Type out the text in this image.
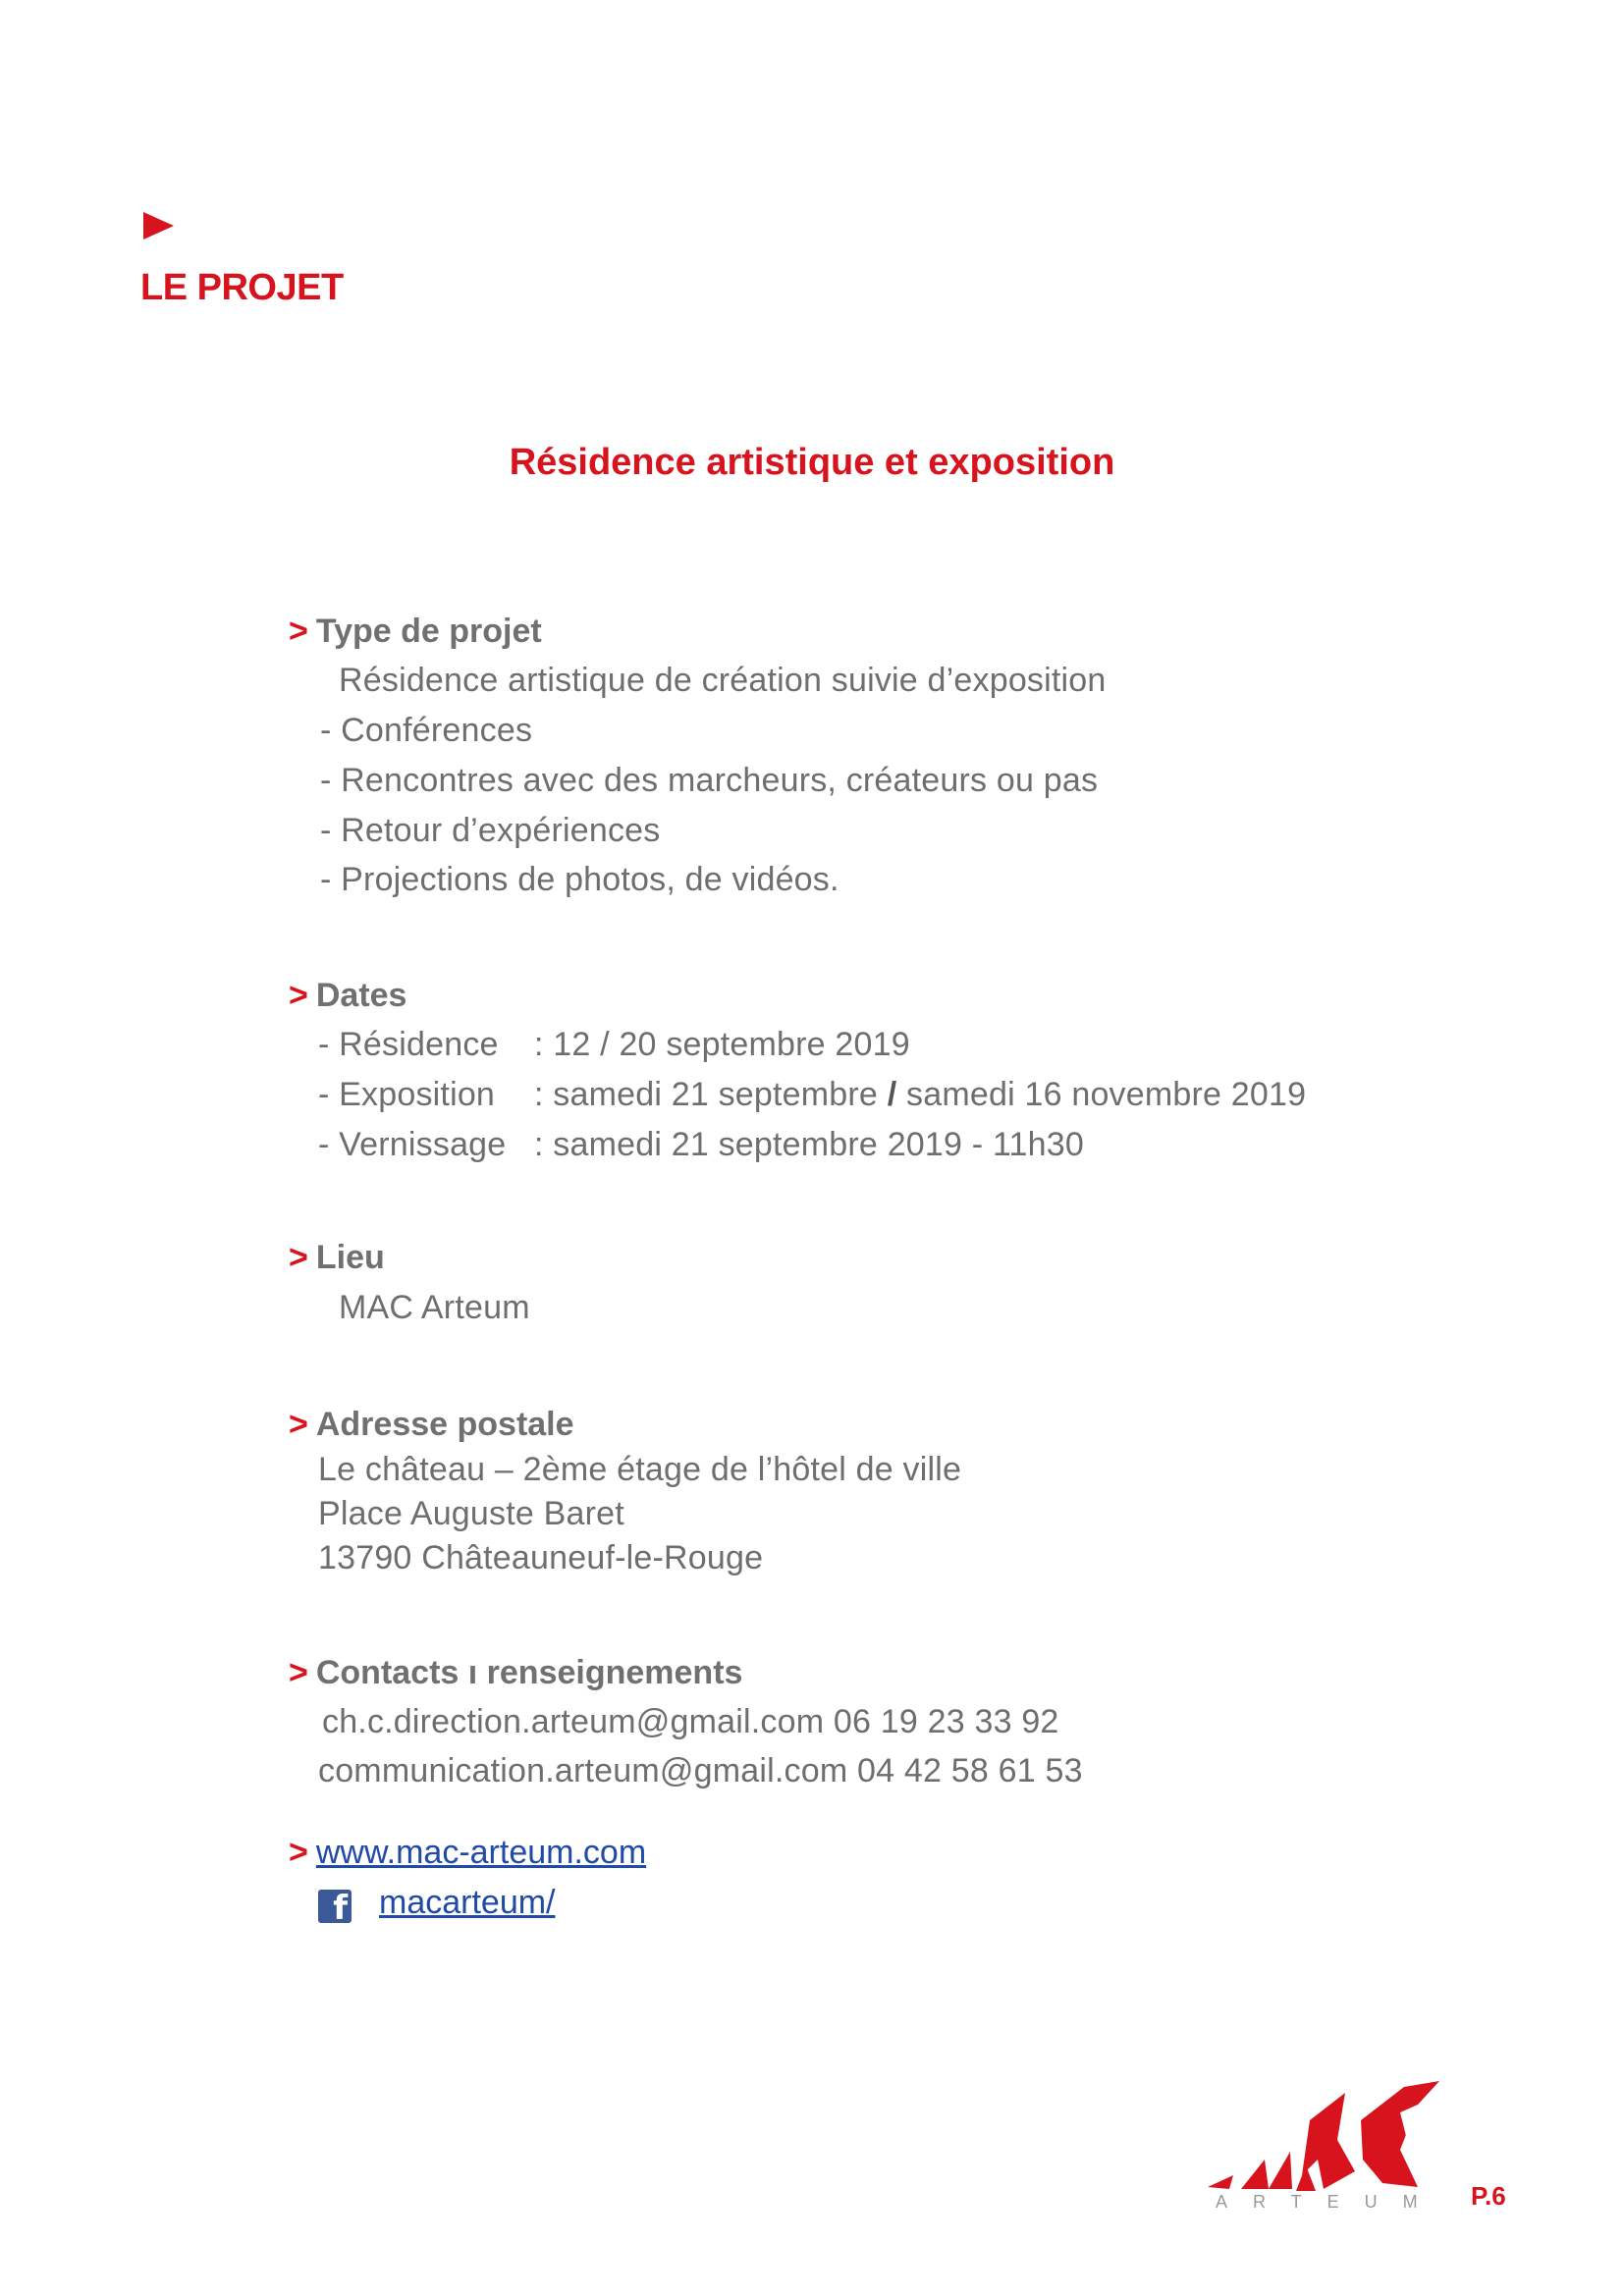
LE PROJET
Résidence artistique et exposition
> Type de projet
Résidence artistique de création suivie d’exposition
- Conférences
- Rencontres avec des marcheurs, créateurs ou pas
- Retour d’expériences
- Projections de photos, de vidéos.
> Dates
- Résidence : 12 / 20 septembre 2019
- Exposition : samedi 21 septembre / samedi 16 novembre 2019
- Vernissage : samedi 21 septembre 2019 - 11h30
> Lieu
MAC Arteum
> Adresse postale
Le château – 2ème étage de l’hôtel de ville
Place Auguste Baret
13790 Châteauneuf-le-Rouge
> Contacts ı renseignements
ch.c.direction.arteum@gmail.com 06 19 23 33 92
communication.arteum@gmail.com 04 42 58 61 53
> www.mac-arteum.com
f macarteum/
ARTEUM P.6
